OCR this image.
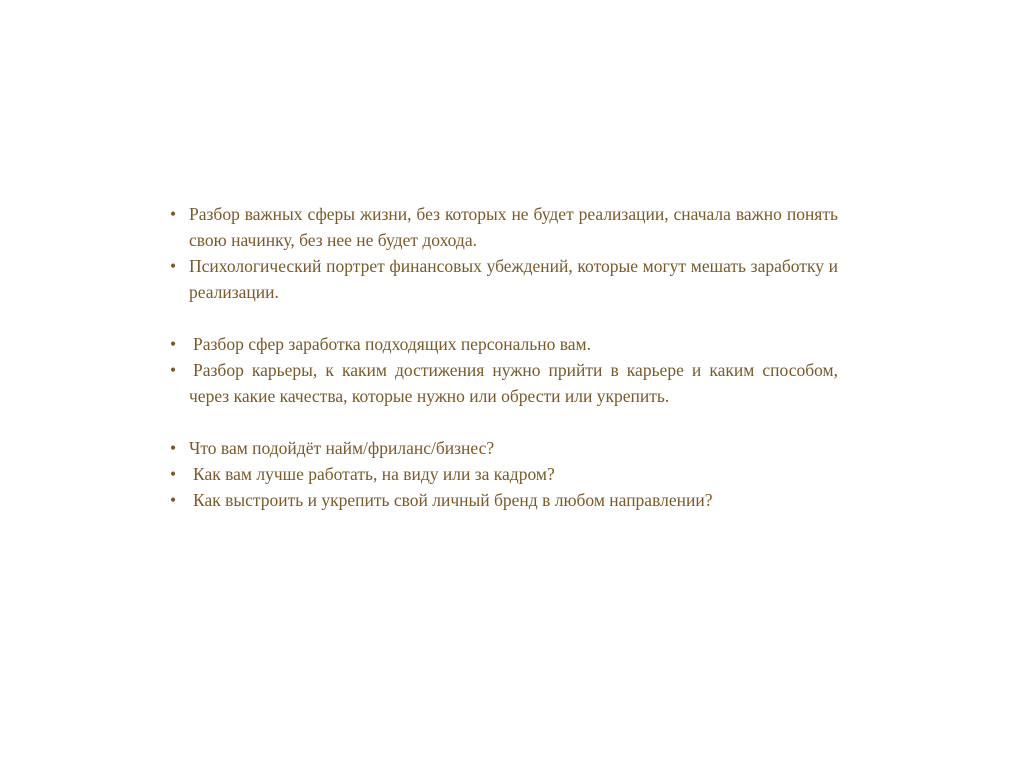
• Разбор важных сферы жизни, без которых не будет реализации, сначала важно понять свою начинку, без нее не будет дохода.
• Психологический портрет финансовых убеждений, которые могут мешать заработку и реализации.
• Разбор сфер заработка подходящих персонально вам.
• Разбор карьеры, к каким достижения нужно прийти в карьере и каким способом, через какие качества, которые нужно или обрести или укрепить.
• Что вам подойдёт найм/фриланс/бизнес?
• Как вам лучше работать, на виду или за кадром?
• Как выстроить и укрепить свой личный бренд в любом направлении?
